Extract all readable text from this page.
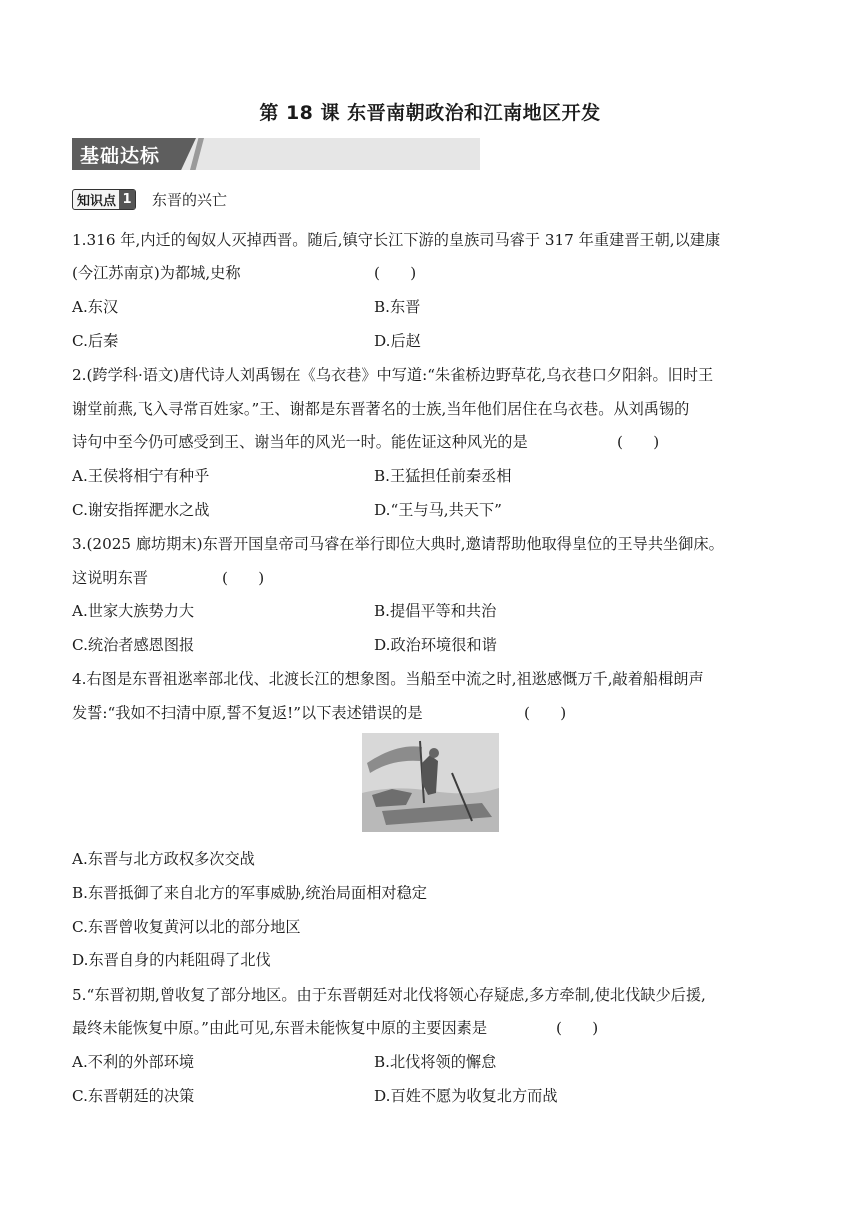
第 18 课 东晋南朝政治和江南地区开发
基础达标
知识点 1 东晋的兴亡
1.316 年,内迁的匈奴人灭掉西晋。随后,镇守长江下游的皇族司马睿于 317 年重建晋王朝,以建康
(今江苏南京)为都城,史称	(　　)
A.东汉	B.东晋
C.后秦	D.后赵
2.(跨学科·语文)唐代诗人刘禹锡在《乌衣巷》中写道:“朱雀桥边野草花,乌衣巷口夕阳斜。旧时王
谢堂前燕,飞入寻常百姓家。”王、谢都是东晋著名的士族,当年他们居住在乌衣巷。从刘禹锡的
诗句中至今仍可感受到王、谢当年的风光一时。能佐证这种风光的是	(　　)
A.王侯将相宁有种乎	B.王猛担任前秦丞相
C.谢安指挥淝水之战	D.“王与马,共天下”
3.(2025 廊坊期末)东晋开国皇帝司马睿在举行即位大典时,邀请帮助他取得皇位的王导共坐御床。
这说明东晋	(　　)
A.世家大族势力大	B.提倡平等和共治
C.统治者感恩图报	D.政治环境很和谐
4.右图是东晋祖逖率部北伐、北渡长江的想象图。当船至中流之时,祖逖感慨万千,敲着船楫朗声
发誓:“我如不扫清中原,誓不复返!”以下表述错误的是	(　　)
A.东晋与北方政权多次交战
B.东晋抵御了来自北方的军事威胁,统治局面相对稳定
C.东晋曾收复黄河以北的部分地区
D.东晋自身的内耗阻碍了北伐
5.“东晋初期,曾收复了部分地区。由于东晋朝廷对北伐将领心存疑虑,多方牵制,使北伐缺少后援,
最终未能恢复中原。”由此可见,东晋未能恢复中原的主要因素是	(　　)
A.不利的外部环境	B.北伐将领的懈怠
C.东晋朝廷的决策	D.百姓不愿为收复北方而战
